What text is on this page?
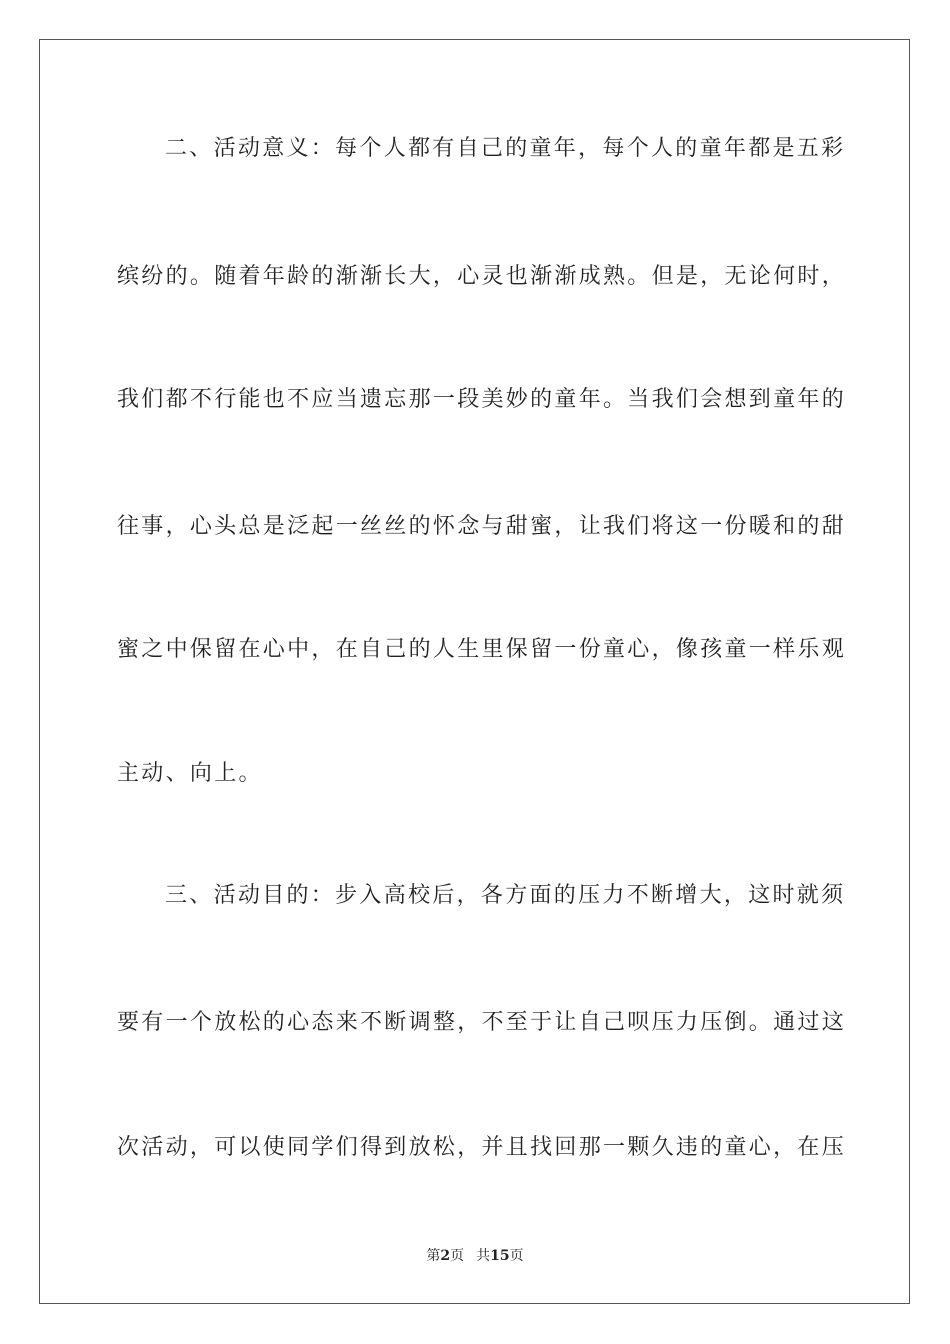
二、活动意义：每个人都有自己的童年，每个人的童年都是五彩
缤纷的。随着年龄的渐渐长大，心灵也渐渐成熟。但是，无论何时，
我们都不行能也不应当遗忘那一段美妙的童年。当我们会想到童年的
往事，心头总是泛起一丝丝的怀念与甜蜜，让我们将这一份暖和的甜
蜜之中保留在心中，在自己的人生里保留一份童心，像孩童一样乐观
主动、向上。
三、活动目的：步入高校后，各方面的压力不断增大，这时就须
要有一个放松的心态来不断调整，不至于让自己呗压力压倒。通过这
次活动，可以使同学们得到放松，并且找回那一颗久违的童心，在压
第2页 共15页
